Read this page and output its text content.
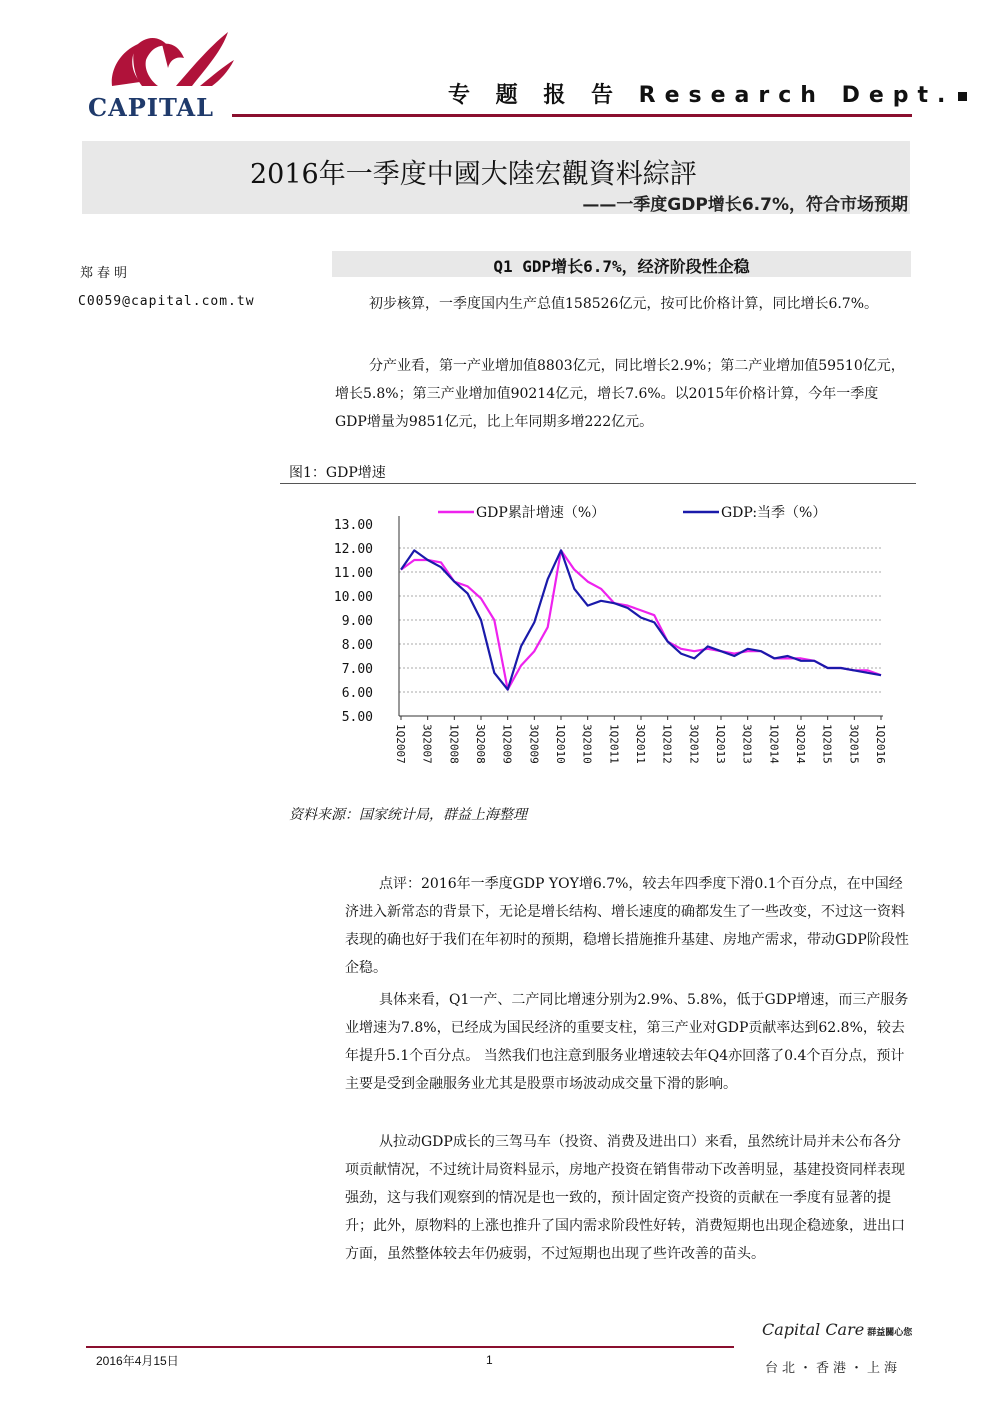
CAPITAL	专 题 报 告 Research Dept.
2016年一季度中國大陸宏觀資料綜評
——一季度GDP增长6.7%，符合市场预期
郑春明
C0059@capital.com.tw
Q1 GDP增长6.7%，经济阶段性企稳

初步核算，一季度国内生产总值158526亿元，按可比价格计算，同比增长6.7%。

分产业看，第一产业增加值8803亿元，同比增长2.9%；第二产业增加值59510亿元，增长5.8%；第三产业增加值90214亿元，增长7.6%。以2015年价格计算，今年一季度GDP增量为9851亿元，比上年同期多增222亿元。

图1：GDP增速
13.00
12.00
11.00
10.00
9.00
8.00
7.00
6.00
5.00
1Q2007 3Q2007 1Q2008 3Q2008 1Q2009 3Q2009 1Q2010 3Q2010 1Q2011 3Q2011 1Q2012 3Q2012 1Q2013 3Q2013 1Q2014 3Q2014 1Q2015 3Q2015 1Q2016
GDP累計增速（%）	GDP:当季（%）
资料来源：国家统计局，群益上海整理

点评：2016年一季度GDP YOY增6.7%，较去年四季度下滑0.1个百分点，在中国经济进入新常态的背景下，无论是增长结构、增长速度的确都发生了一些改变，不过这一资料表现的确也好于我们在年初时的预期，稳增长措施推升基建、房地产需求，带动GDP阶段性企稳。

具体来看，Q1一产、二产同比增速分别为2.9%、5.8%，低于GDP增速，而三产服务业增速为7.8%，已经成为国民经济的重要支柱，第三产业对GDP贡献率达到62.8%，较去年提升5.1个百分点。 当然我们也注意到服务业增速较去年Q4亦回落了0.4个百分点，预计主要是受到金融服务业尤其是股票市场波动成交量下滑的影响。

从拉动GDP成长的三驾马车（投资、消费及进出口）来看，虽然统计局并未公布各分项贡献情况，不过统计局资料显示，房地产投资在销售带动下改善明显，基建投资同样表现强劲，这与我们观察到的情况是也一致的，预计固定资产投资的贡献在一季度有显著的提升；此外，原物料的上涨也推升了国内需求阶段性好转，消费短期也出现企稳迹象，进出口方面，虽然整体较去年仍疲弱，不过短期也出现了些许改善的苗头。

2016年4月15日	1
Capital Care 群益關心您
台北・香港・上海
